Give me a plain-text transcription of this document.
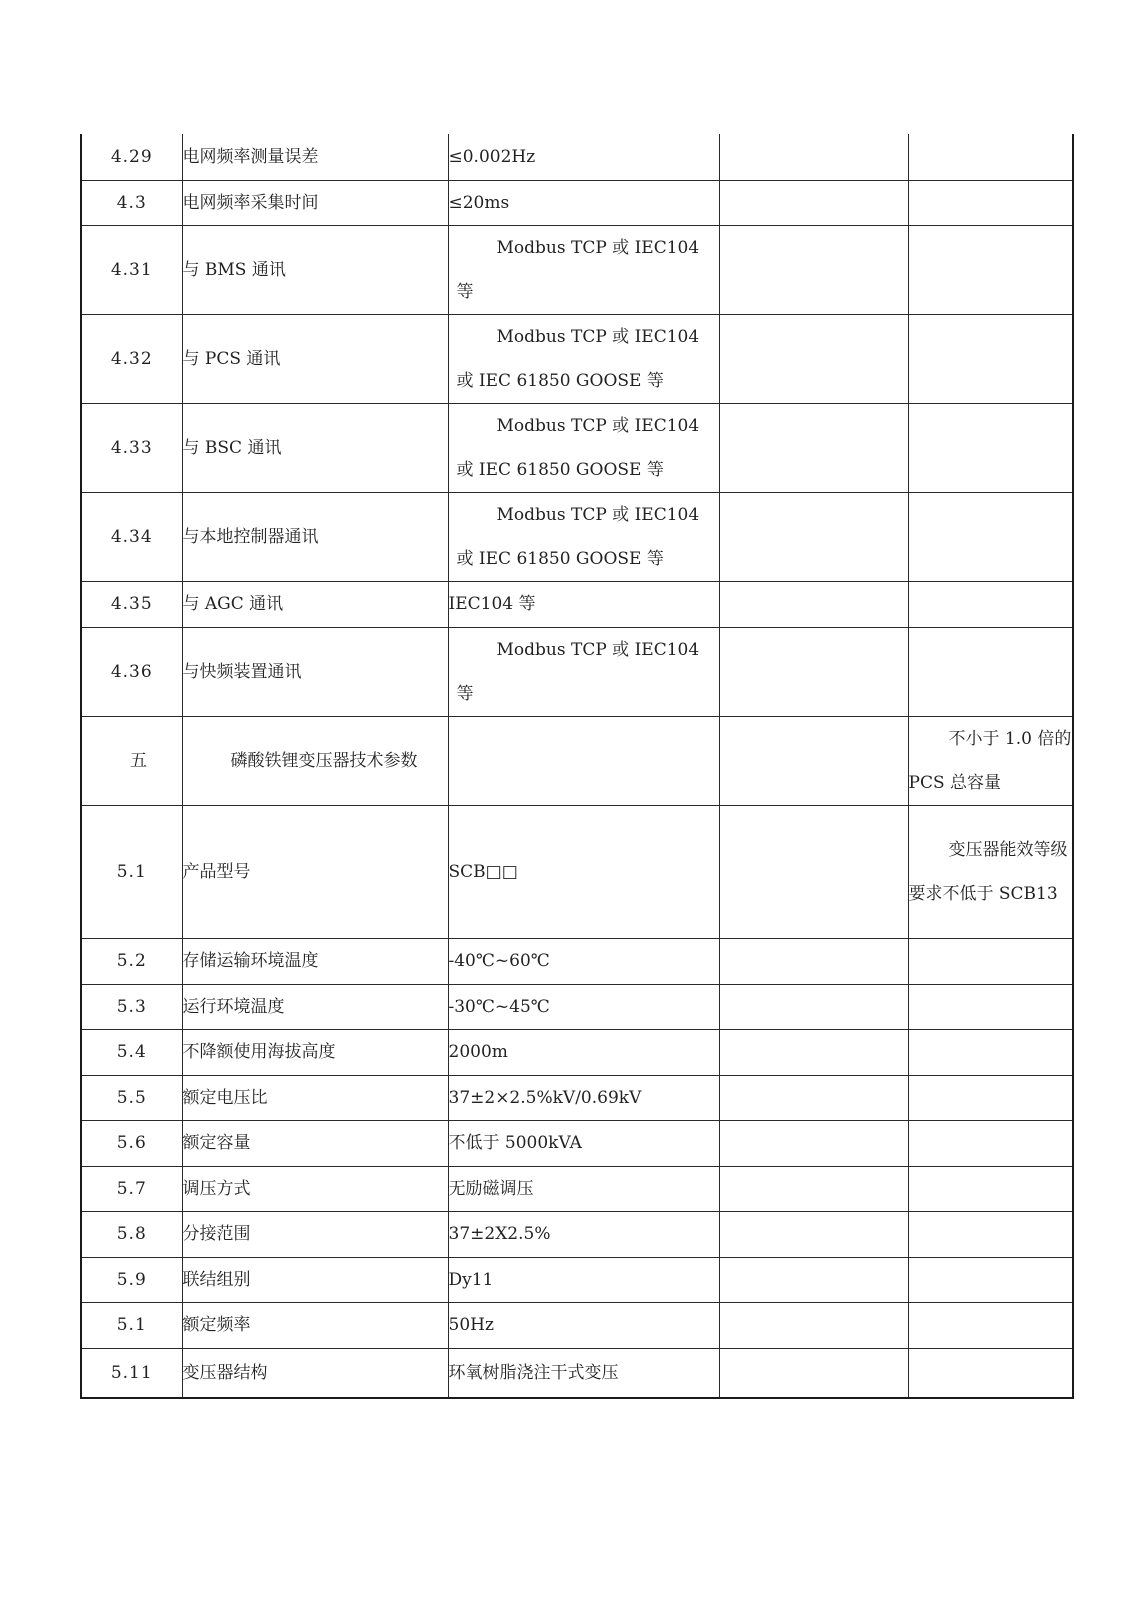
4.29	电网频率测量误差	≤0.002Hz		
4.3	电网频率采集时间	≤20ms		
4.31	与 BMS 通讯	Modbus TCP 或 IEC104
等		

4.32	与 PCS 通讯	Modbus TCP 或 IEC104
或 IEC 61850 GOOSE 等		

4.33	与 BSC 通讯	Modbus TCP 或 IEC104
或 IEC 61850 GOOSE 等		

4.34	与本地控制器通讯	Modbus TCP 或 IEC104
或 IEC 61850 GOOSE 等		

4.35	与 AGC 通讯	IEC104 等		
4.36	与快频装置通讯	Modbus TCP 或 IEC104
等		

五	磷酸铁锂变压器技术参数			不小于 1.0 倍的 PCS 总容量
5.1	产品型号	SCB□□		变压器能效等级要求不低于 SCB13
5.2	存储运输环境温度	-40℃~60℃		
5.3	运行环境温度	-30℃~45℃		
5.4	不降额使用海拔高度	2000m		
5.5	额定电压比	37±2×2.5%kV/0.69kV		
5.6	额定容量	不低于 5000kVA		
5.7	调压方式	无励磁调压		
5.8	分接范围	37±2X2.5%		
5.9	联结组别	Dy11		
5.1	额定频率	50Hz		
5.11	变压器结构	环氧树脂浇注干式变压		
